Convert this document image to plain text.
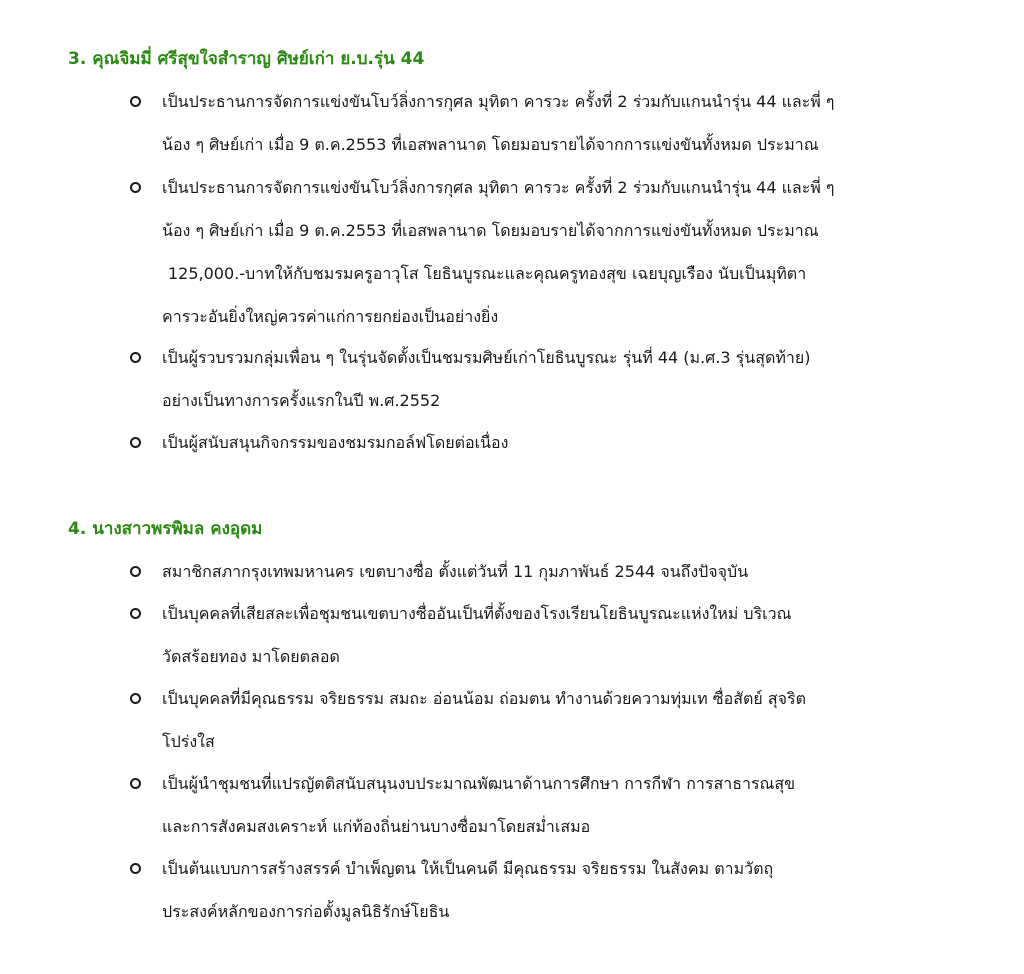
3. คุณจิมมี่ ศรีสุขใจสำราญ ศิษย์เก่า ย.บ.รุ่น 44
เป็นประธานการจัดการแข่งขันโบว์ลิ่งการกุศล มุทิตา คารวะ ครั้งที่ 2 ร่วมกับแกนนำรุ่น 44 และพี่ ๆ
น้อง ๆ ศิษย์เก่า เมื่อ 9 ต.ค.2553 ที่เอสพลานาด โดยมอบรายได้จากการแข่งขันทั้งหมด ประมาณ
เป็นประธานการจัดการแข่งขันโบว์ลิ่งการกุศล มุทิตา คารวะ ครั้งที่ 2 ร่วมกับแกนนำรุ่น 44 และพี่ ๆ
น้อง ๆ ศิษย์เก่า เมื่อ 9 ต.ค.2553 ที่เอสพลานาด โดยมอบรายได้จากการแข่งขันทั้งหมด ประมาณ
125,000.-บาทให้กับชมรมครูอาวุโส โยธินบูรณะและคุณครูทองสุข เฉยบุญเรือง นับเป็นมุทิตา
คารวะอันยิ่งใหญ่ควรค่าแก่การยกย่องเป็นอย่างยิ่ง
เป็นผู้รวบรวมกลุ่มเพื่อน ๆ ในรุ่นจัดตั้งเป็นชมรมศิษย์เก่าโยธินบูรณะ รุ่นที่ 44 (ม.ศ.3 รุ่นสุดท้าย)
อย่างเป็นทางการครั้งแรกในปี พ.ศ.2552
เป็นผู้สนับสนุนกิจกรรมของชมรมกอล์ฟโดยต่อเนื่อง
4. นางสาวพรพิมล คงอุดม
สมาชิกสภากรุงเทพมหานคร เขตบางซื่อ ตั้งแต่วันที่ 11 กุมภาพันธ์ 2544 จนถึงปัจจุบัน
เป็นบุคคลที่เสียสละเพื่อชุมชนเขตบางซื่ออันเป็นที่ตั้งของโรงเรียนโยธินบูรณะแห่งใหม่ บริเวณ
วัดสร้อยทอง มาโดยตลอด
เป็นบุคคลที่มีคุณธรรม จริยธรรม สมถะ อ่อนน้อม ถ่อมตน ทำงานด้วยความทุ่มเท ซื่อสัตย์ สุจริต
โปร่งใส
เป็นผู้นำชุมชนที่แปรญัตติสนับสนุนงบประมาณพัฒนาด้านการศึกษา การกีฬา การสาธารณสุข
และการสังคมสงเคราะห์ แก่ท้องถิ่นย่านบางซื่อมาโดยสม่ำเสมอ
เป็นต้นแบบการสร้างสรรค์ บำเพ็ญตน ให้เป็นคนดี มีคุณธรรม จริยธรรม ในสังคม ตามวัตถุ
ประสงค์หลักของการก่อตั้งมูลนิธิรักษ์โยธิน
